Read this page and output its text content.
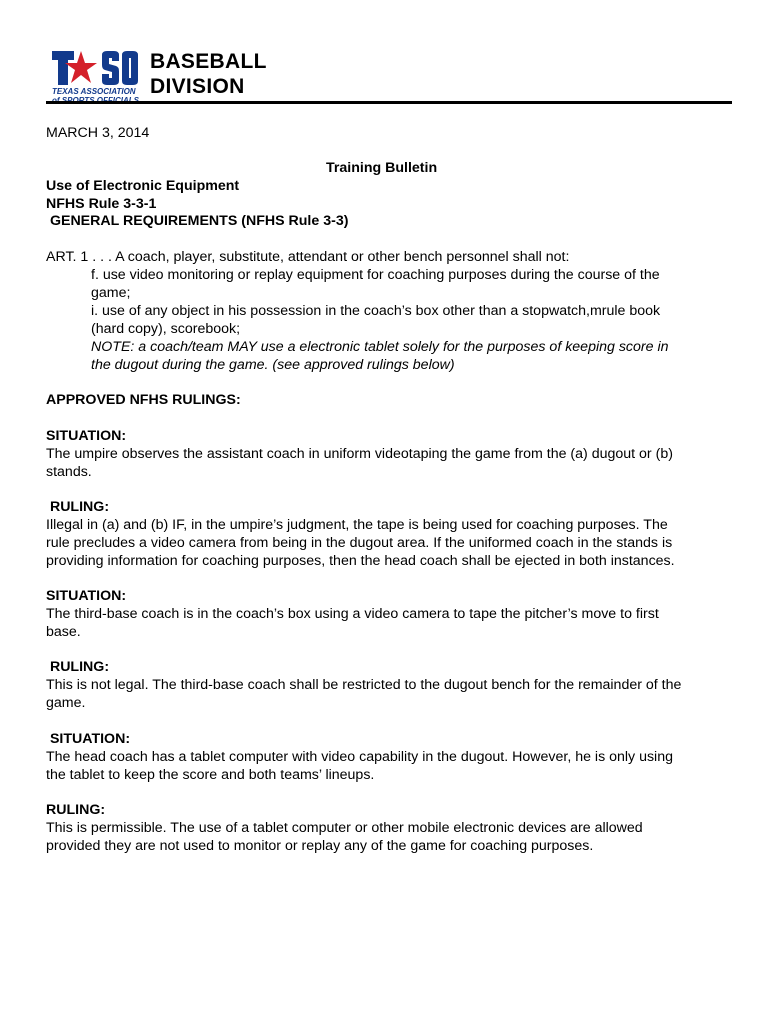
TEXAS ASSOCIATION
BASEBALL
DIVISION
MARCH 3, 2014
Training Bulletin
Use of Electronic Equipment
NFHS Rule 3-3-1
GENERAL REQUIREMENTS (NFHS Rule 3-3)
ART. 1 . . . A coach, player, substitute, attendant or other bench personnel shall not:
f. use video monitoring or replay equipment for coaching purposes during the course of the
game;
i. use of any object in his possession in the coach’s box other than a stopwatch,mrule book
(hard copy), scorebook;
NOTE: a coach/team MAY use a electronic tablet solely for the purposes of keeping score in
the dugout during the game. (see approved rulings below)
APPROVED NFHS RULINGS:
SITUATION:
The umpire observes the assistant coach in uniform videotaping the game from the (a) dugout or (b)
stands.
RULING:
Illegal in (a) and (b) IF, in the umpire’s judgment, the tape is being used for coaching purposes. The
rule precludes a video camera from being in the dugout area. If the uniformed coach in the stands is
providing information for coaching purposes, then the head coach shall be ejected in both instances.
SITUATION:
The third-base coach is in the coach’s box using a video camera to tape the pitcher’s move to first
base.
RULING:
This is not legal. The third-base coach shall be restricted to the dugout bench for the remainder of the
game.
SITUATION:
The head coach has a tablet computer with video capability in the dugout. However, he is only using
the tablet to keep the score and both teams’ lineups.
RULING:
This is permissible. The use of a tablet computer or other mobile electronic devices are allowed
provided they are not used to monitor or replay any of the game for coaching purposes.
